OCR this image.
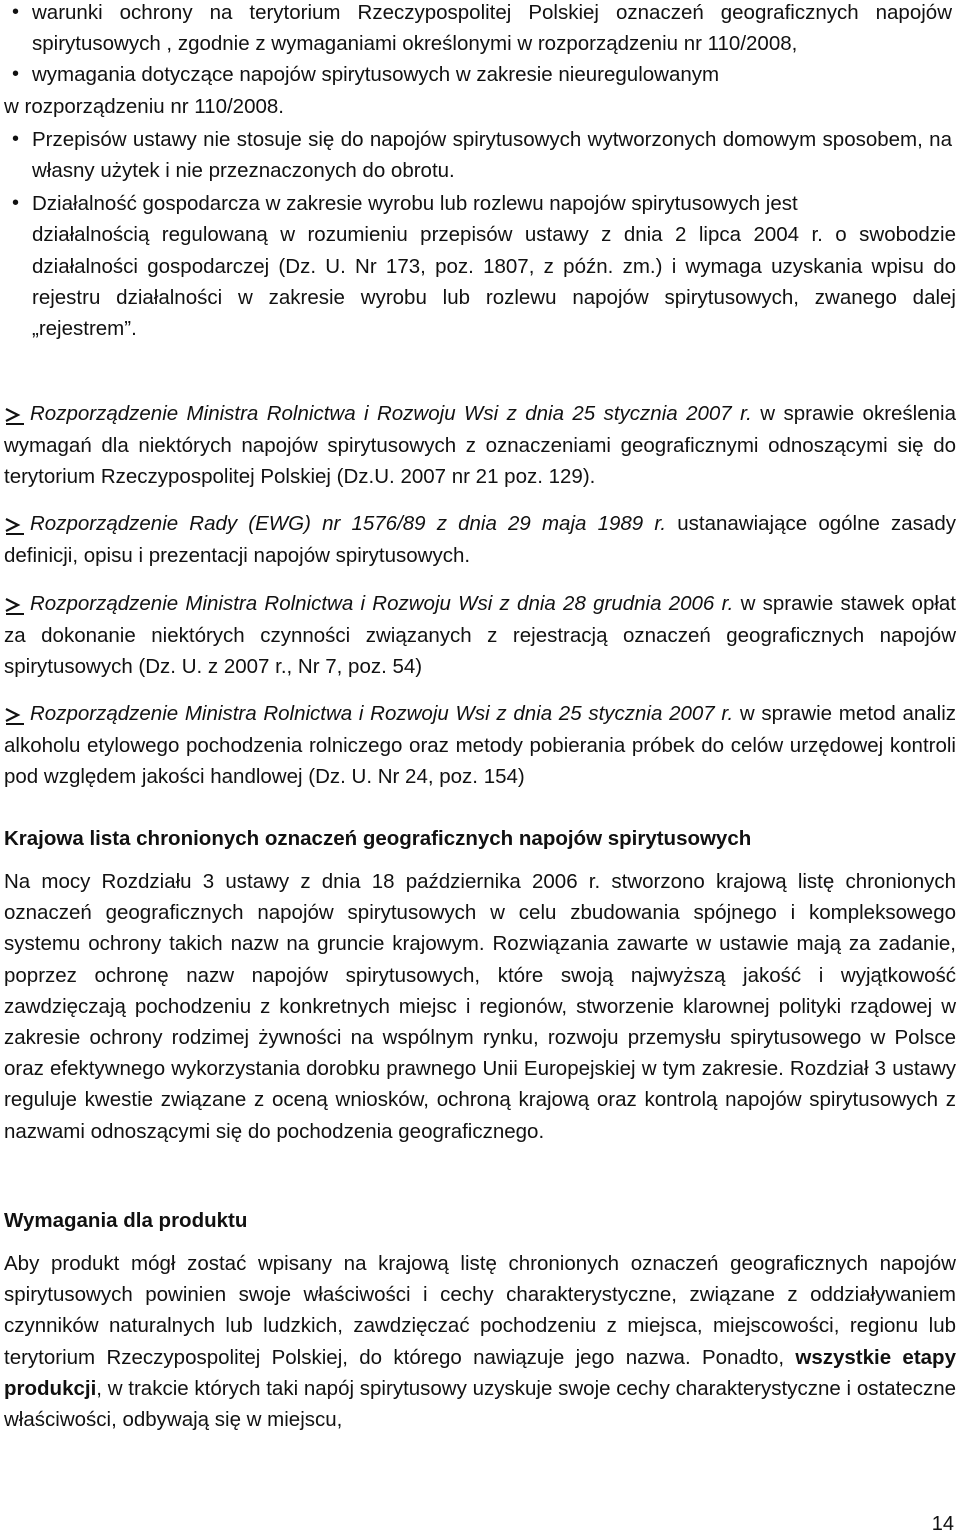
• warunki ochrony na terytorium Rzeczypospolitej Polskiej oznaczeń geograficznych napojów spirytusowych , zgodnie z wymaganiami określonymi w rozporządzeniu nr 110/2008,
• wymagania dotyczące napojów spirytusowych w zakresie nieuregulowanym
w rozporządzeniu nr 110/2008.
• Przepisów ustawy nie stosuje się do napojów spirytusowych wytworzonych domowym sposobem, na własny użytek i nie przeznaczonych do obrotu.
• Działalność gospodarcza w zakresie wyrobu lub rozlewu napojów spirytusowych jest
działalnością regulowaną w rozumieniu przepisów ustawy z dnia 2 lipca 2004 r. o swobodzie działalności gospodarczej (Dz. U. Nr 173, poz. 1807, z późn. zm.) i wymaga uzyskania wpisu do rejestru działalności w zakresie wyrobu lub rozlewu napojów spirytusowych, zwanego dalej „rejestrem”.
Rozporządzenie Ministra Rolnictwa i Rozwoju Wsi z dnia 25 stycznia 2007 r. w sprawie określenia wymagań dla niektórych napojów spirytusowych z oznaczeniami geograficznymi odnoszącymi się do terytorium Rzeczypospolitej Polskiej (Dz.U. 2007 nr 21 poz. 129).
Rozporządzenie Rady (EWG) nr 1576/89 z dnia 29 maja 1989 r. ustanawiające ogólne zasady definicji, opisu i prezentacji napojów spirytusowych.
Rozporządzenie Ministra Rolnictwa i Rozwoju Wsi z dnia 28 grudnia 2006 r. w sprawie stawek opłat za dokonanie niektórych czynności związanych z rejestracją oznaczeń geograficznych napojów spirytusowych (Dz. U. z 2007 r., Nr 7, poz. 54)
Rozporządzenie Ministra Rolnictwa i Rozwoju Wsi z dnia 25 stycznia 2007 r. w sprawie metod analiz alkoholu etylowego pochodzenia rolniczego oraz metody pobierania próbek do celów urzędowej kontroli pod względem jakości handlowej (Dz. U. Nr 24, poz. 154)
Krajowa lista chronionych oznaczeń geograficznych napojów spirytusowych

Na mocy Rozdziału 3 ustawy z dnia 18 października 2006 r. stworzono krajową listę chronionych oznaczeń geograficznych napojów spirytusowych w celu zbudowania spójnego i kompleksowego systemu ochrony takich nazw na gruncie krajowym. Rozwiązania zawarte w ustawie mają za zadanie, poprzez ochronę nazw napojów spirytusowych, które swoją najwyższą jakość i wyjątkowość zawdzięczają pochodzeniu z konkretnych miejsc i regionów, stworzenie klarownej polityki rządowej w zakresie ochrony rodzimej żywności na wspólnym rynku, rozwoju przemysłu spirytusowego w Polsce oraz efektywnego wykorzystania dorobku prawnego Unii Europejskiej w tym zakresie. Rozdział 3 ustawy reguluje kwestie związane z oceną wniosków, ochroną krajową oraz kontrolą napojów spirytusowych z nazwami odnoszącymi się do pochodzenia geograficznego.

Wymagania dla produktu

Aby produkt mógł zostać wpisany na krajową listę chronionych oznaczeń geograficznych napojów spirytusowych powinien swoje właściwości i cechy charakterystyczne, związane z oddziaływaniem czynników naturalnych lub ludzkich, zawdzięczać pochodzeniu z miejsca, miejscowości, regionu lub terytorium Rzeczypospolitej Polskiej, do którego nawiązuje jego nazwa. Ponadto, wszystkie etapy produkcji, w trakcie których taki napój spirytusowy uzyskuje swoje cechy charakterystyczne i ostateczne właściwości, odbywają się w miejscu,

14
